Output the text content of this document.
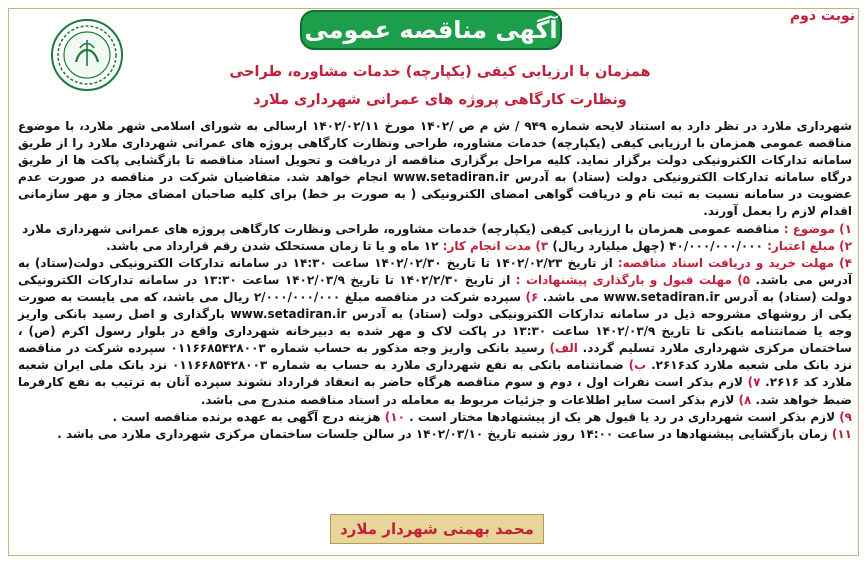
نوبت دوم
آگهی مناقصه عمومی
همزمان با ارزیابی کیفی (یکپارچه) خدمات مشاوره، طراحی
ونظارت کارگاهی پروژه های عمرانی شهرداری ملارد

شهرداری ملارد در نظر دارد به استناد لایحه شماره ۹۴۹ / ش م ص /۱۴۰۲ مورخ ۱۴۰۲/۰۲/۱۱ ارسالی به شورای اسلامی شهر ملارد، با موضوع مناقصه عمومی همزمان با ارزیابی کیفی (یکپارچه) خدمات مشاوره، طراحی ونظارت کارگاهی پروژه های عمرانی شهرداری ملارد را از طریق سامانه تدارکات الکترونیکی دولت برگزار نماید. کلیه مراحل برگزاری مناقصه از دریافت و تحویل اسناد مناقصه تا بازگشایی پاکت ها از طریق درگاه سامانه تدارکات الکترونیکی دولت (ستاد) به آدرس www.setadiran.ir انجام خواهد شد. متقاضیان شرکت در مناقصه در صورت عدم عضویت در سامانه نسبت به ثبت نام و دریافت گواهی امضای الکترونیکی ( به صورت بر خط) برای کلیه صاحبان امضای مجاز و مهر سازمانی اقدام لازم را بعمل آورند.

۱) موضوع : مناقصه عمومی همزمان با ارزیابی کیفی (یکپارچه) خدمات مشاوره، طراحی ونظارت کارگاهی پروژه های عمرانی شهرداری ملارد

۲) مبلغ اعتبار: ۴۰/۰۰۰/۰۰۰/۰۰۰ (چهل میلیارد ریال) ۳) مدت انجام کار: ۱۲ ماه و یا تا زمان مستحلک شدن رقم قرارداد می باشد.

۴) مهلت خرید و دریافت اسناد مناقصه: از تاریخ ۱۴۰۲/۰۲/۲۳ تا تاریخ ۱۴۰۲/۰۲/۳۰ ساعت ۱۴:۳۰ در سامانه تدارکات الکترونیکی دولت(ستاد) به آدرس می باشد. ۵) مهلت قبول و بارگذاری پیشنهادات : از تاریخ ۱۴۰۲/۲/۳۰ تا تاریخ ۱۴۰۲/۰۳/۹ ساعت ۱۳:۳۰ در سامانه تدارکات الکترونیکی دولت (ستاد) به آدرس www.setadiran.ir می باشد. ۶) سپرده شرکت در مناقصه مبلغ ۲/۰۰۰/۰۰۰/۰۰۰ ریال می باشد، که می بایست به صورت یکی از روشهای مشروحه ذیل در سامانه تدارکات الکترونیکی دولت (ستاد) به آدرس www.setadiran.ir بارگذاری و اصل رسید بانکی واریز وجه یا ضمانتنامه بانکی تا تاریخ ۱۴۰۲/۰۳/۹ ساعت ۱۳:۳۰ در پاکت لاک و مهر شده به دبیرخانه شهرداری واقع در بلوار رسول اکرم (ص) ، ساختمان مرکزی شهرداری ملارد تسلیم گردد. الف) رسید بانکی واریز وجه مذکور به حساب شماره ۰۱۱۶۶۸۵۴۲۸۰۰۳ سپرده شرکت در مناقصه نزد بانک ملی شعبه ملارد کد۲۶۱۶. ب) ضمانتنامه بانکی به نفع شهرداری ملارد به حساب به شماره ۰۱۱۶۶۸۵۴۲۸۰۰۳ نزد بانک ملی ایران شعبه ملارد کد ۲۶۱۶. ۷) لازم بذکر است نفرات اول ، دوم و سوم مناقصه هرگاه حاضر به انعقاد قرارداد نشوند سپرده آنان به ترتیب به نفع کارفرما ضبط خواهد شد. ۸) لازم بذکر است سایر اطلاعات و جزئیات مربوط به معامله در اسناد مناقصه مندرج می باشد.

۹) لازم بذکر است شهرداری در رد یا قبول هر یک از پیشنهادها مختار است . ۱۰) هزینه درج آگهی به عهده برنده مناقصه است .

۱۱) زمان بازگشایی پیشنهادها در ساعت ۱۴:۰۰ روز شنبه تاریخ ۱۴۰۲/۰۳/۱۰ در سالن جلسات ساختمان مرکزی شهرداری ملارد می باشد .

محمد بهمنی شهردار ملارد
